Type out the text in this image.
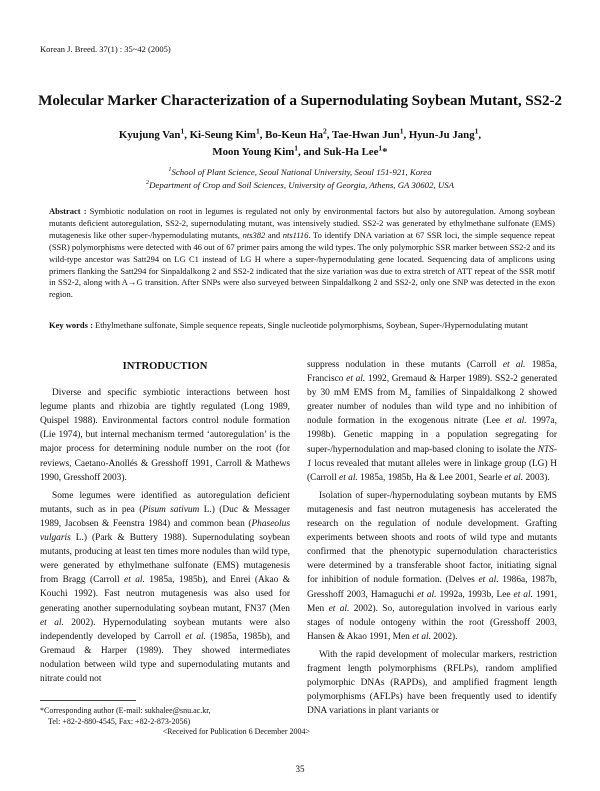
Korean J. Breed. 37(1) : 35~42 (2005)
Molecular Marker Characterization of a Supernodulating Soybean Mutant, SS2-2
Kyujung Van$^1$, Ki-Seung Kim$^1$, Bo-Keun Ha$^2$, Tae-Hwan Jun$^1$, Hyun-Ju Jang$^1$,
Moon Young Kim$^1$, and Suk-Ha Lee$^1$*
$^1$School of Plant Science, Seoul National University, Seoul 151-921, Korea
$^2$Department of Crop and Soil Sciences, University of Georgia, Athens, GA 30602, USA
Abstract : Symbiotic nodulation on root in legumes is regulated not only by environmental factors but also by autoregulation. Among soybean mutants deficient autoregulation, SS2-2, supernodulating mutant, was intensively studied. SS2-2 was generated by ethylmethane sulfonate (EMS) mutagenesis like other super-/hypernodulating mutants, nts382 and nts1116. To identify DNA variation at 67 SSR loci, the simple sequence repeat (SSR) polymorphisms were detected with 46 out of 67 primer pairs among the wild types. The only polymorphic SSR marker between SS2-2 and its wild-type ancestor was Satt294 on LG C1 instead of LG H where a super-/hypernodulating gene located. Sequencing data of amplicons using primers flanking the Satt294 for Sinpaldalkong 2 and SS2-2 indicated that the size variation was due to extra stretch of ATT repeat of the SSR motif in SS2-2, along with A→G transition. After SNPs were also surveyed between Sinpaldalkong 2 and SS2-2, only one SNP was detected in the exon region.
Key words : Ethylmethane sulfonate, Simple sequence repeats, Single nucleotide polymorphisms, Soybean, Super-/Hypernodulating mutant
INTRODUCTION

Diverse and specific symbiotic interactions between host legume plants and rhizobia are tightly regulated (Long 1989, Quispel 1988). Environmental factors control nodule formation (Lie 1974), but internal mechanism termed ‘autoregulation’ is the major process for determining nodule number on the root (for reviews, Caetano-Anollés & Gresshoff 1991, Carroll & Mathews 1990, Gresshoff 2003).

Some legumes were identified as autoregulation deficient mutants, such as in pea (Pisum sativum L.) (Duc & Messager 1989, Jacobsen & Feenstra 1984) and common bean (Phaseolus vulgaris L.) (Park & Buttery 1988). Supernodulating soybean mutants, producing at least ten times more nodules than wild type, were generated by ethylmethane sulfonate (EMS) mutagenesis from Bragg (Carroll et al. 1985a, 1985b), and Enrei (Akao & Kouchi 1992). Fast neutron mutagenesis was also used for generating another supernodulating soybean mutant, FN37 (Men et al. 2002). Hypernodulating soybean mutants were also independently developed by Carroll et al. (1985a, 1985b), and Gremaud & Harper (1989). They showed intermediates nodulation between wild type and supernodulating mutants and nitrate could not

suppress nodulation in these mutants (Carroll et al. 1985a, Francisco et al. 1992, Gremaud & Harper 1989). SS2-2 generated by 30 mM EMS from $M_2$ families of Sinpaldalkong 2 showed greater number of nodules than wild type and no inhibition of nodule formation in the exogenous nitrate (Lee et al. 1997a, 1998b). Genetic mapping in a population segregating for super-/hypernodulation and map-based cloning to isolate the NTS-1 locus revealed that mutant alleles were in linkage group (LG) H (Carroll et al. 1985a, 1985b, Ha & Lee 2001, Searle et al. 2003).

Isolation of super-/hypernodulating soybean mutants by EMS mutagenesis and fast neutron mutagenesis has accelerated the research on the regulation of nodule development. Grafting experiments between shoots and roots of wild type and mutants confirmed that the phenotypic supernodulation characteristics were determined by a transferable shoot factor, initiating signal for inhibition of nodule formation. (Delves et al. 1986a, 1987b, Gresshoff 2003, Hamaguchi et al. 1992a, 1993b, Lee et al. 1991, Men et al. 2002). So, autoregulation involved in various early stages of nodule ontogeny within the root (Gresshoff 2003, Hansen & Akao 1991, Men et al. 2002).

With the rapid development of molecular markers, restriction fragment length polymorphisms (RFLPs), random amplified polymorphic DNAs (RAPDs), and amplified fragment length polymorphisms (AFLPs) have been frequently used to identify DNA variations in plant variants or

*Corresponding author (E-mail: sukhalee@snu.ac.kr,
Tel: +82-2-880-4545, Fax: +82-2-873-2056)
<Received for Publication 6 December 2004>
35
